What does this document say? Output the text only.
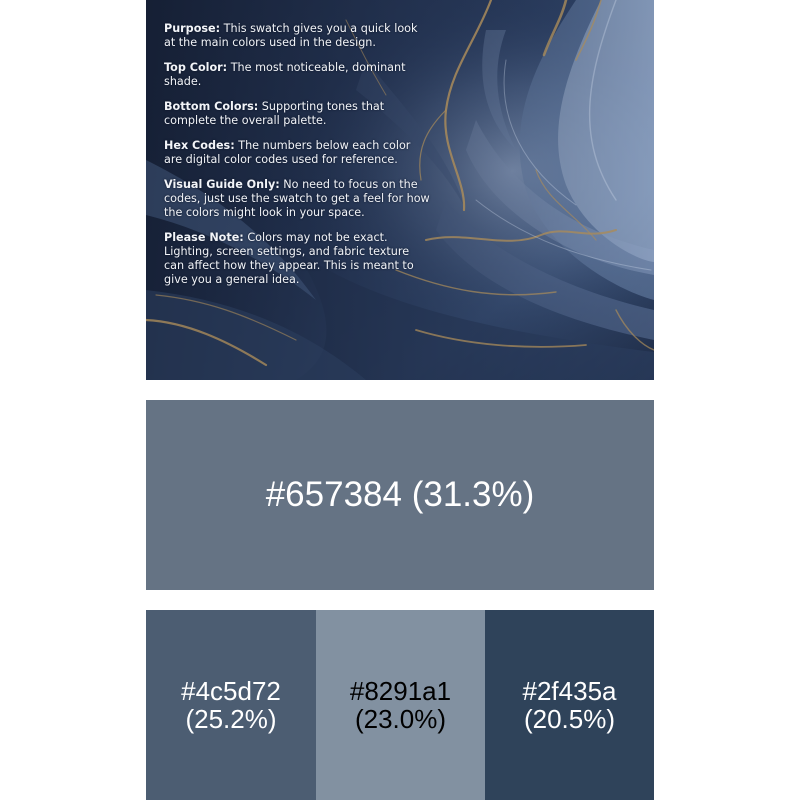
Purpose: This swatch gives you a quick look at the main colors used in the design.

Top Color: The most noticeable, dominant shade.

Bottom Colors: Supporting tones that complete the overall palette.

Hex Codes: The numbers below each color are digital color codes used for reference.

Visual Guide Only: No need to focus on the codes, just use the swatch to get a feel for how the colors might look in your space.

Please Note: Colors may not be exact. Lighting, screen settings, and fabric texture can affect how they appear. This is meant to give you a general idea.

#657384 (31.3%)
#4c5d72
(25.2%)
#8291a1
(23.0%)
#2f435a
(20.5%)
